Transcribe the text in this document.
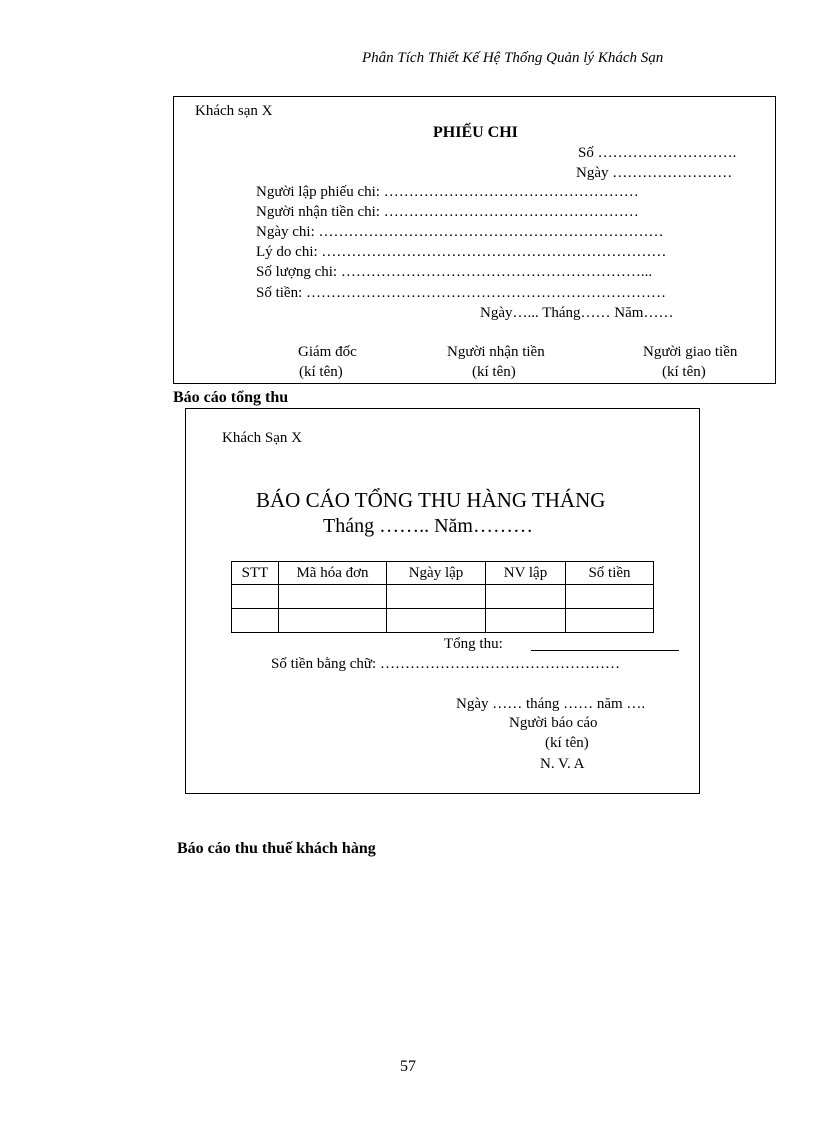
Phân Tích Thiết Kế Hệ Thống Quản lý Khách Sạn
Khách sạn X
PHIẾU CHI
Số ……………………….
Ngày ……………………
Người lập phiếu chi: ……………………………………………
Người nhận tiền chi: ……………………………………………
Ngày chi: ……………………………………………………………
Lý do chi: ……………………………………………………………
Số lượng chi: ……………………………………………………...
Số tiền: ………………………………………………………………
Ngày…... Tháng…… Năm……
Giám đốc
(kí tên)
Người nhận tiền
(kí tên)
Người giao tiền
(kí tên)
Báo cáo tổng thu
Khách Sạn X
BÁO CÁO TỔNG THU HÀNG THÁNG
Tháng …….. Năm………
STT	Mã hóa đơn	Ngày lập	NV lập	Số tiền

Tổng thu:
Số tiền bằng chữ: …………………………………………
Ngày …… tháng …… năm ….
Người báo cáo
(kí tên)
N. V. A
Báo cáo thu thuế khách hàng
57
